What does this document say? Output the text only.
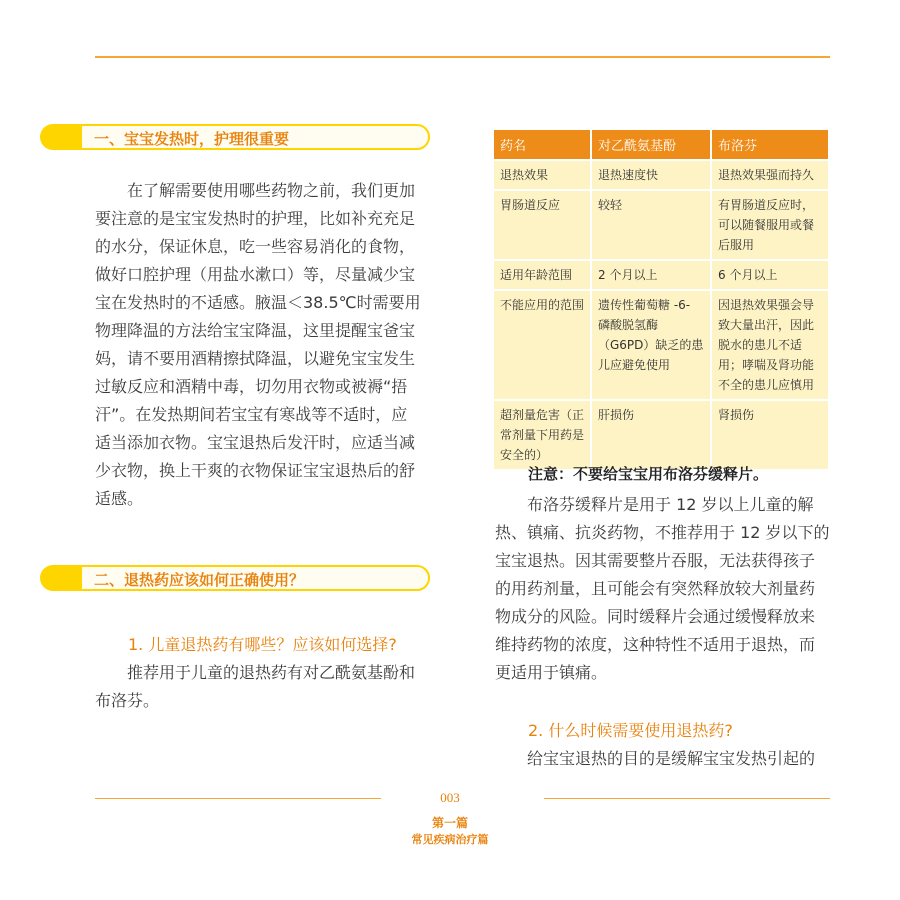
一、宝宝发热时，护理很重要

　　在了解需要使用哪些药物之前，我们更加

要注意的是宝宝发热时的护理，比如补充充足

的水分，保证休息，吃一些容易消化的食物，

做好口腔护理（用盐水漱口）等，尽量减少宝

宝在发热时的不适感。腋温＜38.5℃时需要用

物理降温的方法给宝宝降温，这里提醒宝爸宝

妈，请不要用酒精擦拭降温，以避免宝宝发生

过敏反应和酒精中毒，切勿用衣物或被褥“捂

汗”。在发热期间若宝宝有寒战等不适时，应

适当添加衣物。宝宝退热后发汗时，应适当减

少衣物，换上干爽的衣物保证宝宝退热后的舒

适感。

二、退热药应该如何正确使用？
1. 儿童退热药有哪些？应该如何选择?

　　推荐用于儿童的退热药有对乙酰氨基酚和

布洛芬。

药名	对乙酰氨基酚	布洛芬
退热效果	退热速度快	退热效果强而持久
胃肠道反应	较轻	有胃肠道反应时，可以随餐服用或餐后服用
适用年龄范围	2 个月以上	6 个月以上
不能应用的范围	遗传性葡萄糖 -6- 磷酸脱氢酶（G6PD）缺乏的患儿应避免使用	因退热效果强会导致大量出汗，因此脱水的患儿不适用；哮喘及肾功能不全的患儿应慎用
超剂量危害（正常剂量下用药是安全的）	肝损伤	肾损伤
注意：不要给宝宝用布洛芬缓释片。

　　布洛芬缓释片是用于 12 岁以上儿童的解

热、镇痛、抗炎药物，不推荐用于 12 岁以下的

宝宝退热。因其需要整片吞服，无法获得孩子

的用药剂量，且可能会有突然释放较大剂量药

物成分的风险。同时缓释片会通过缓慢释放来

维持药物的浓度，这种特性不适用于退热，而

更适用于镇痛。

2. 什么时候需要使用退热药?

　　给宝宝退热的目的是缓解宝宝发热引起的

003
第一篇
常见疾病治疗篇
